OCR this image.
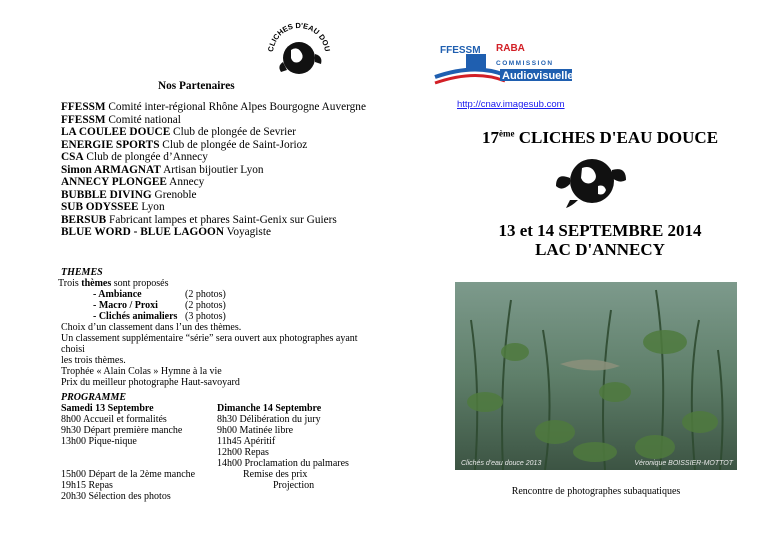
CLICHES D'EAU DOU
Nos Partenaires
FFESSM Comité inter-régional Rhône Alpes Bourgogne Auvergne
FFESSM Comité national
LA COULEE DOUCE Club de plongée de Sevrier
ENERGIE SPORTS Club de plongée de Saint-Jorioz
CSA Club de plongée d’Annecy
Simon ARMAGNAT Artisan bijoutier Lyon
ANNECY PLONGEE Annecy
BUBBLE DIVING Grenoble
SUB ODYSSEE Lyon
BERSUB Fabricant lampes et phares Saint-Genix sur Guiers
BLUE WORD - BLUE LAGOON Voyagiste
THEMES
Trois thèmes sont proposés
- Ambiance	(2 photos)
- Macro / Proxi	(2 photos)
- Clichés animaliers (3 photos)
Choix d’un classement dans l’un des thèmes.
Un classement supplémentaire “série” sera ouvert aux photographes ayant choisi
les trois thèmes.
Trophée « Alain Colas » Hymne à la vie
Prix du meilleur photographe Haut-savoyard
PROGRAMME
Samedi 13 Septembre
8h00 Accueil et formalités
9h30 Départ première manche
13h00 Pique-nique
15h00 Départ de la 2ème manche
19h15 Repas
20h30 Sélection des photos
Dimanche 14 Septembre
8h30 Délibération du jury
9h00 Matinée libre
11h45 Apéritif
12h00 Repas
14h00 Proclamation du palmares
Remise des prix
Projection
FFESSM RABA
COMMISSION
Audiovisuelle
http://cnav.imagesub.com
17ème CLICHES D'EAU DOUCE
13 et 14 SEPTEMBRE 2014
LAC D'ANNECY
Clichés d'eau douce 2013	Véronique BOISSIER-MOTTOT
Rencontre de photographes subaquatiques
